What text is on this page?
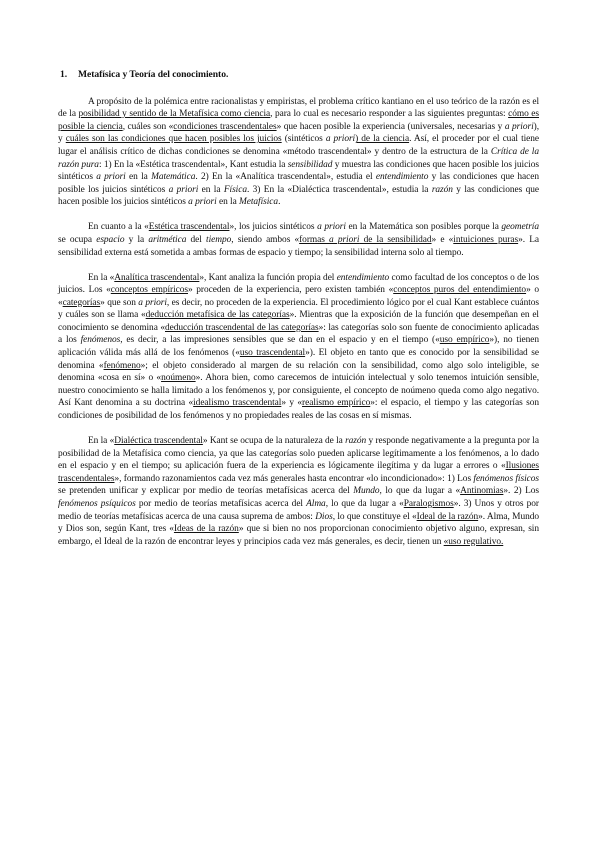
1. Metafísica y Teoría del conocimiento.

A propósito de la polémica entre racionalistas y empiristas, el problema crítico kantiano en el uso teórico de la razón es el de la posibilidad y sentido de la Metafísica como ciencia, para lo cual es necesario responder a las siguientes preguntas: cómo es posible la ciencia, cuáles son «condiciones trascendentales» que hacen posible la experiencia (universales, necesarias y a priori), y cuáles son las condiciones que hacen posibles los juicios (sintéticos a priori) de la ciencia. Así, el proceder por el cual tiene lugar el análisis crítico de dichas condiciones se denomina «método trascendental» y dentro de la estructura de la Crítica de la razón pura: 1) En la «Estética trascendental», Kant estudia la sensibilidad y muestra las condiciones que hacen posible los juicios sintéticos a priori en la Matemática. 2) En la «Analítica trascendental», estudia el entendimiento y las condiciones que hacen posible los juicios sintéticos a priori en la Física. 3) En la «Dialéctica trascendental», estudia la razón y las condiciones que hacen posible los juicios sintéticos a priori en la Metafísica.

En cuanto a la «Estética trascendental», los juicios sintéticos a priori en la Matemática son posibles porque la geometría se ocupa espacio y la aritmética del tiempo, siendo ambos «formas a priori de la sensibilidad» e «intuiciones puras». La sensibilidad externa está sometida a ambas formas de espacio y tiempo; la sensibilidad interna solo al tiempo.

En la «Analítica trascendental», Kant analiza la función propia del entendimiento como facultad de los conceptos o de los juicios. Los «conceptos empíricos» proceden de la experiencia, pero existen también «conceptos puros del entendimiento» o «categorías» que son a priori, es decir, no proceden de la experiencia. El procedimiento lógico por el cual Kant establece cuántos y cuáles son se llama «deducción metafísica de las categorías». Mientras que la exposición de la función que desempeñan en el conocimiento se denomina «deducción trascendental de las categorías»: las categorías solo son fuente de conocimiento aplicadas a los fenómenos, es decir, a las impresiones sensibles que se dan en el espacio y en el tiempo («uso empírico»), no tienen aplicación válida más allá de los fenómenos («uso trascendental»). El objeto en tanto que es conocido por la sensibilidad se denomina «fenómeno»; el objeto considerado al margen de su relación con la sensibilidad, como algo solo inteligible, se denomina «cosa en sí» o «noúmeno». Ahora bien, como carecemos de intuición intelectual y solo tenemos intuición sensible, nuestro conocimiento se halla limitado a los fenómenos y, por consiguiente, el concepto de noúmeno queda como algo negativo. Así Kant denomina a su doctrina «idealismo trascendental» y «realismo empírico»: el espacio, el tiempo y las categorías son condiciones de posibilidad de los fenómenos y no propiedades reales de las cosas en sí mismas.

En la «Dialéctica trascendental» Kant se ocupa de la naturaleza de la razón y responde negativamente a la pregunta por la posibilidad de la Metafísica como ciencia, ya que las categorías solo pueden aplicarse legítimamente a los fenómenos, a lo dado en el espacio y en el tiempo; su aplicación fuera de la experiencia es lógicamente ilegítima y da lugar a errores o «Ilusiones trascendentales», formando razonamientos cada vez más generales hasta encontrar «lo incondicionado»: 1) Los fenómenos físicos se pretenden unificar y explicar por medio de teorías metafísicas acerca del Mundo, lo que da lugar a «Antinomias». 2) Los fenómenos psíquicos por medio de teorías metafísicas acerca del Alma, lo que da lugar a «Paralogismos». 3) Unos y otros por medio de teorías metafísicas acerca de una causa suprema de ambos: Dios, lo que constituye el «Ideal de la razón». Alma, Mundo y Dios son, según Kant, tres «Ideas de la razón» que si bien no nos proporcionan conocimiento objetivo alguno, expresan, sin embargo, el Ideal de la razón de encontrar leyes y principios cada vez más generales, es decir, tienen un «uso regulativo.
